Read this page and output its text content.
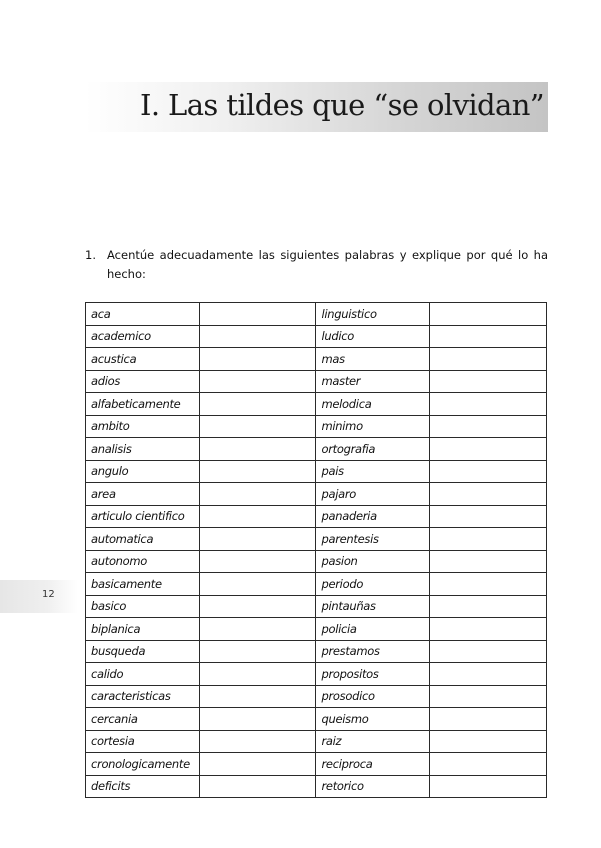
I. Las tildes que “se olvidan”
1. Acentúe adecuadamente las siguientes palabras y explique por qué lo ha hecho:
aca		linguistico	
academico		ludico	
acustica		mas	
adios		master	
alfabeticamente		melodica	
ambito		minimo	
analisis		ortografia	
angulo		pais	
area		pajaro	
articulo cientifico		panaderia	
automatica		parentesis	
autonomo		pasion	
basicamente		periodo	
basico		pintauñas	
biplanica		policia	
busqueda		prestamos	
calido		propositos	
caracteristicas		prosodico	
cercania		queismo	
cortesia		raiz	
cronologicamente		reciproca	
deficits		retorico	
12
